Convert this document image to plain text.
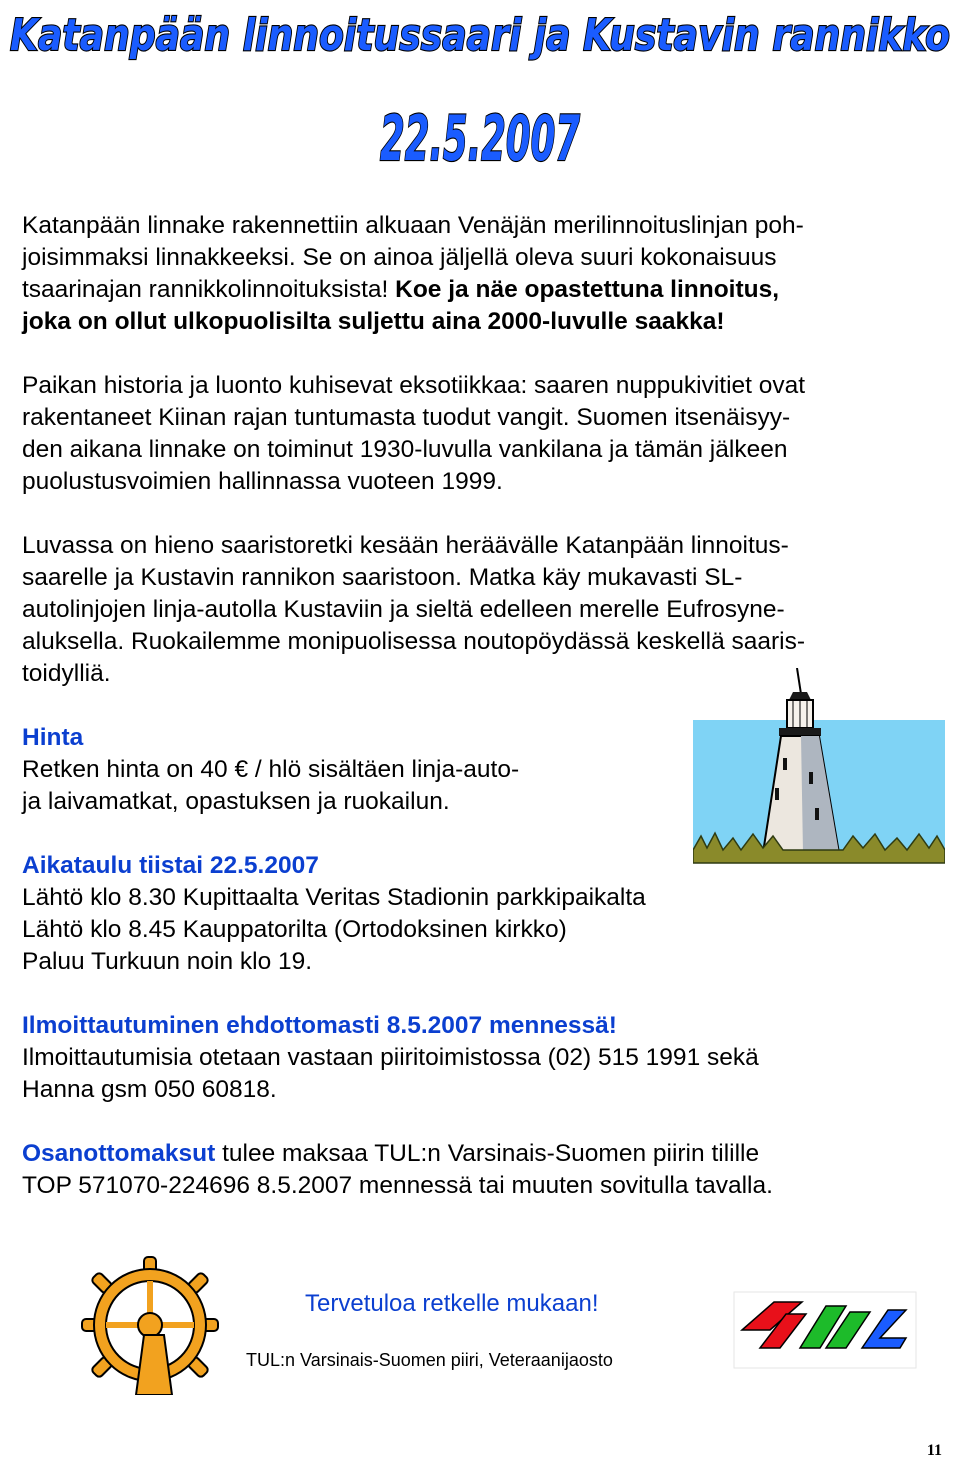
Katanpään linnoitussaari ja Kustavin rannikko
22.5.2007

Katanpään linnake rakennettiin alkuaan Venäjän merilinnoituslinjan poh-
joisimmaksi linnakkeeksi. Se on ainoa jäljellä oleva suuri kokonaisuus
tsaarinajan rannikkolinnoituksista! Koe ja näe opastettuna linnoitus,
joka on ollut ulkopuolisilta suljettu aina 2000-luvulle saakka!

Paikan historia ja luonto kuhisevat eksotiikkaa: saaren nuppukivitiet ovat
rakentaneet Kiinan rajan tuntumasta tuodut vangit. Suomen itsenäisyy-
den aikana linnake on toiminut 1930-luvulla vankilana ja tämän jälkeen
puolustusvoimien hallinnassa vuoteen 1999.

Luvassa on hieno saaristoretki kesään heräävälle Katanpään linnoitus-
saarelle ja Kustavin rannikon saaristoon. Matka käy mukavasti SL-
autolinjojen linja-autolla Kustaviin ja sieltä edelleen merelle Eufrosyne-
aluksella. Ruokailemme monipuolisessa noutopöydässä keskellä saaris-
toidylliä.

Hinta
Retken hinta on 40 € / hlö sisältäen linja-auto-
ja laivamatkat, opastuksen ja ruokailun.

Aikataulu tiistai 22.5.2007
Lähtö klo 8.30 Kupittaalta Veritas Stadionin parkkipaikalta
Lähtö klo 8.45 Kauppatorilta (Ortodoksinen kirkko)
Paluu Turkuun noin klo 19.

Ilmoittautuminen ehdottomasti 8.5.2007 mennessä!
Ilmoittautumisia otetaan vastaan piiritoimistossa (02) 515 1991 sekä
Hanna gsm 050 60818.

Osanottomaksut tulee maksaa TUL:n Varsinais-Suomen piirin tilille
TOP 571070-224696 8.5.2007 mennessä tai muuten sovitulla tavalla.

Tervetuloa retkelle mukaan!
TUL:n Varsinais-Suomen piiri, Veteraanijaosto
TUL
11
